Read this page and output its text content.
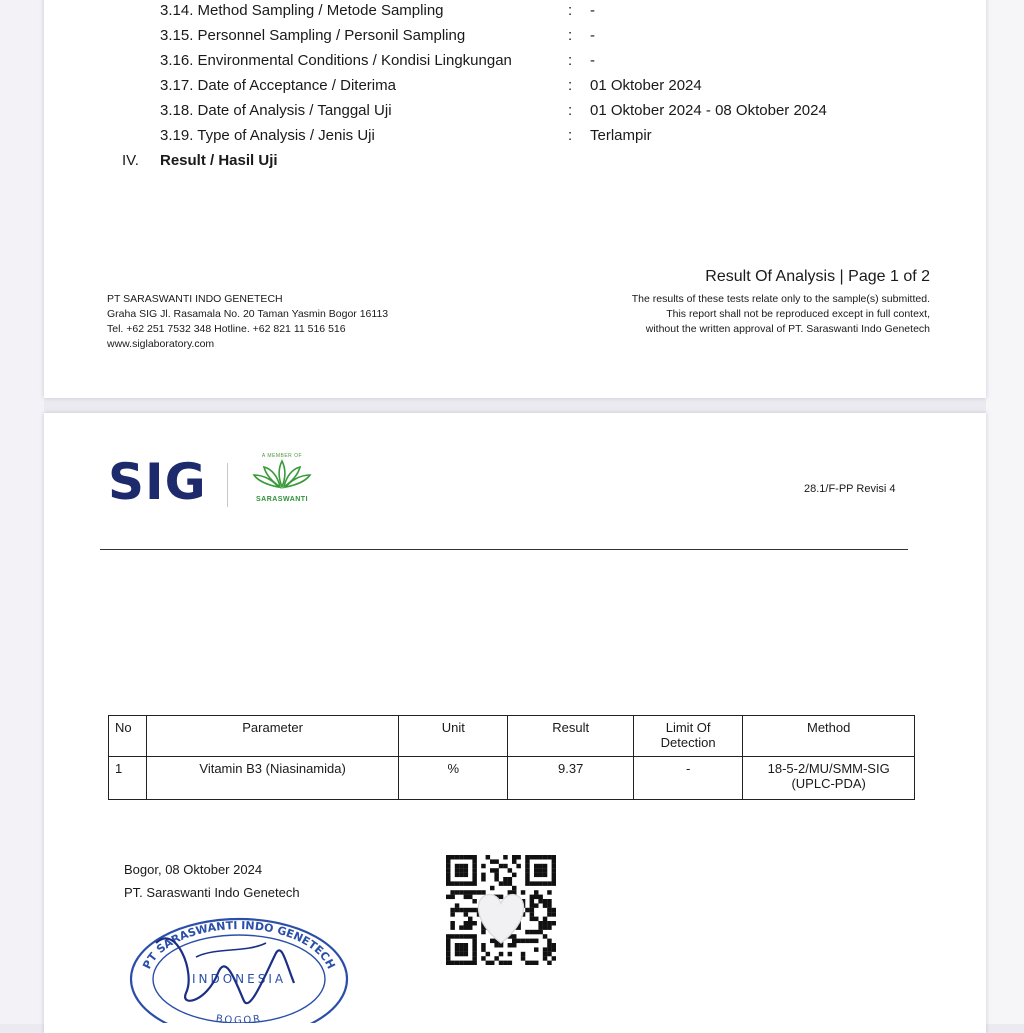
3.14. Method Sampling / Metode Sampling	: -
3.15. Personnel Sampling / Personil Sampling	: -
3.16. Environmental Conditions / Kondisi Lingkungan	: -
3.17. Date of Acceptance / Diterima	: 01 Oktober 2024
3.18. Date of Analysis / Tanggal Uji	: 01 Oktober 2024 - 08 Oktober 2024
3.19. Type of Analysis / Jenis Uji	: Terlampir
IV. Result / Hasil Uji
PT SARASWANTI INDO GENETECH
Graha SIG Jl. Rasamala No. 20 Taman Yasmin Bogor 16113
Tel. +62 251 7532 348 Hotline. +62 821 11 516 516
www.siglaboratory.com
Result Of Analysis | Page 1 of 2
The results of these tests relate only to the sample(s) submitted.
This report shall not be reproduced except in full context,
without the written approval of PT. Saraswanti Indo Genetech
SIG	A MEMBER OF
SARASWANTI
28.1/F-PP Revisi 4
No	Parameter	Unit	Result	Limit Of Detection	Method
1	Vitamin B3 (Niasinamida)	%	9.37	-	18-5-2/MU/SMM-SIG (UPLC-PDA)
Bogor, 08 Oktober 2024
PT. Saraswanti Indo Genetech
PT SARASWANTI INDO GENETECH
INDONESIA
BOGOR
